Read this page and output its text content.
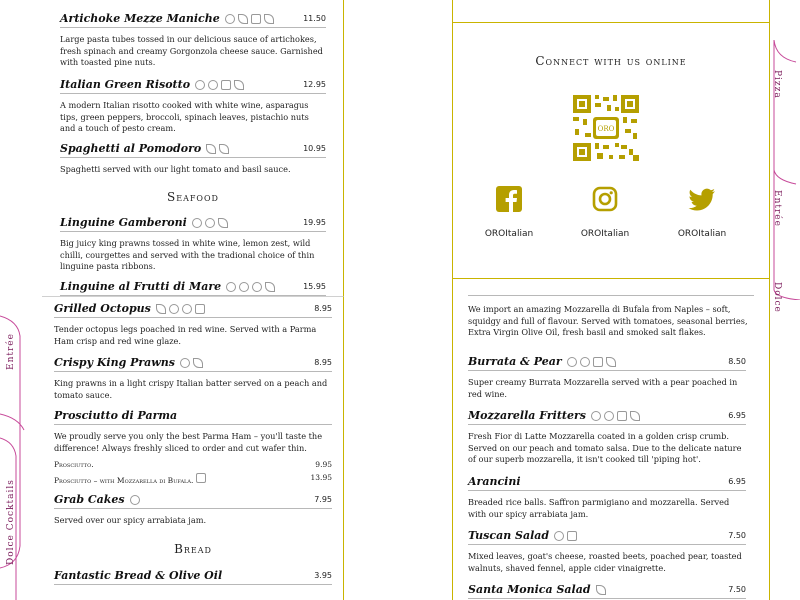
Entrée
Dolce Cocktails
Pizza
Entrée
Dolce
Artichoke Mezze Maniche	11.50
Large pasta tubes tossed in our delicious sauce of artichokes, fresh spinach and creamy Gorgonzola cheese sauce. Garnished with toasted pine nuts.
Italian Green Risotto	12.95
A modern Italian risotto cooked with white wine, asparagus tips, green peppers, broccoli, spinach leaves, pistachio nuts and a touch of pesto cream.
Spaghetti al Pomodoro	10.95
Spaghetti served with our light tomato and basil sauce.
Seafood
Linguine Gamberoni	19.95
Big juicy king prawns tossed in white wine, lemon zest, wild chilli, courgettes and served with the tradional choice of thin linguine pasta ribbons.
Linguine al Frutti di Mare	15.95
Grilled Octopus	8.95
Tender octopus legs poached in red wine. Served with a Parma Ham crisp and red wine glaze.
Crispy King Prawns	8.95
King prawns in a light crispy Italian batter served on a peach and tomato sauce.
Prosciutto di Parma
We proudly serve you only the best Parma Ham – you'll taste the difference! Always freshly sliced to order and cut wafer thin.
Prosciutto.	9.95
Prosciutto – with Mozzarella di Bufala.	13.95
Grab Cakes	7.95
Served over our spicy arrabiata jam.
Bread
Fantastic Bread & Olive Oil	3.95
Connect with us online
ORO
OROItalian	OROItalian	OROItalian
We import an amazing Mozzarella di Bufala from Naples – soft, squidgy and full of flavour. Served with tomatoes, seasonal berries, Extra Virgin Olive Oil, fresh basil and smoked salt flakes.
Burrata & Pear	8.50
Super creamy Burrata Mozzarella served with a pear poached in red wine.
Mozzarella Fritters	6.95
Fresh Fior di Latte Mozzarella coated in a golden crisp crumb. Served on our peach and tomato salsa. Due to the delicate nature of our superb mozzarella, it isn't cooked till 'piping hot'.
Arancini	6.95
Breaded rice balls. Saffron parmigiano and mozzarella. Served with our spicy arrabiata jam.
Tuscan Salad	7.50
Mixed leaves, goat's cheese, roasted beets, poached pear, toasted walnuts, shaved fennel, apple cider vinaigrette.
Santa Monica Salad	7.50
